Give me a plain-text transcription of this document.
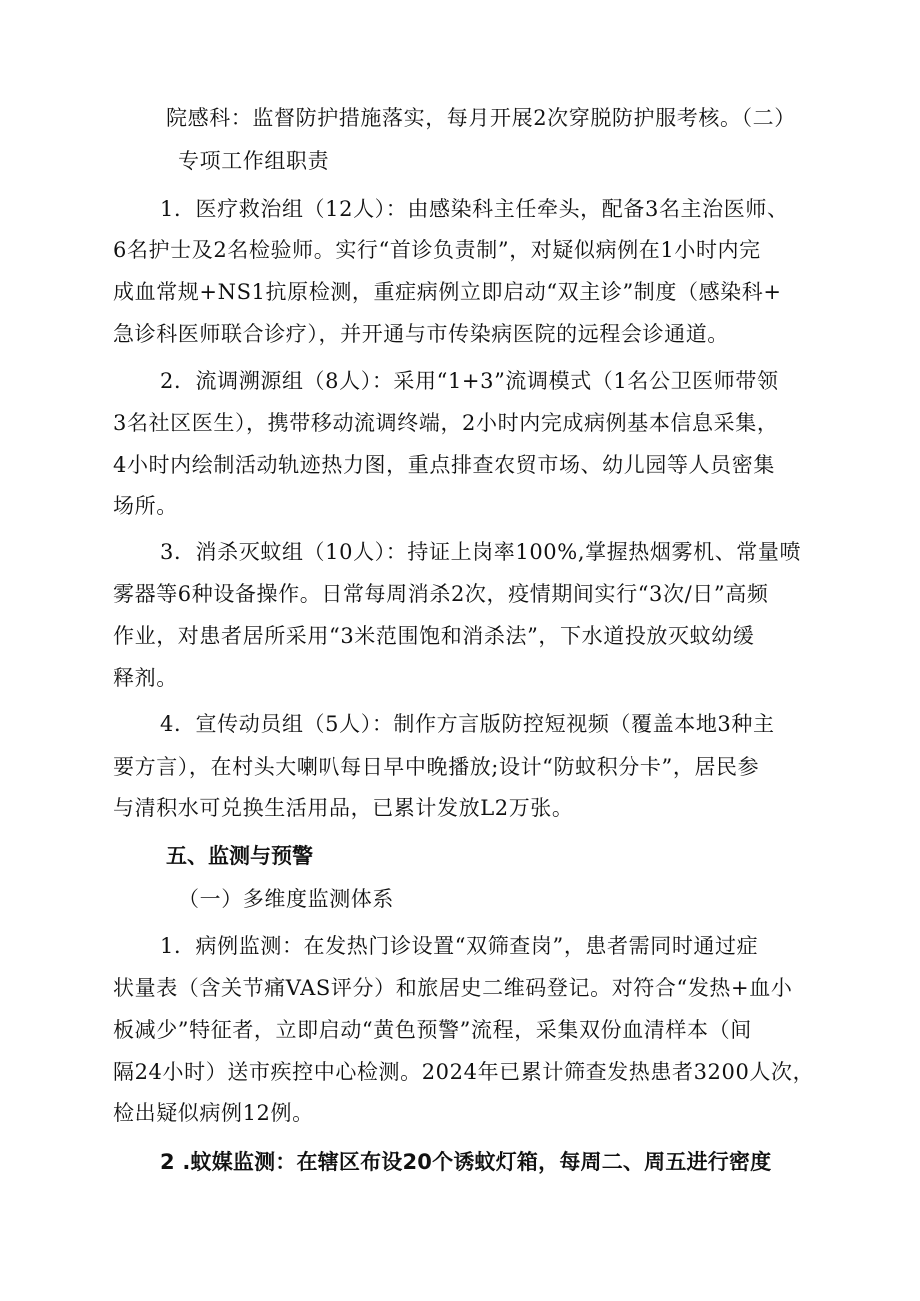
院感科：监督防护措施落实，每月开展2次穿脱防护服考核。（二）
专项工作组职责
1．医疗救治组（12人）：由感染科主任牵头，配备3名主治医师、
6名护士及2名检验师。实行“首诊负责制”，对疑似病例在1小时内完
成血常规+NS1抗原检测，重症病例立即启动“双主诊”制度（感染科+
急诊科医师联合诊疗），并开通与市传染病医院的远程会诊通道。
2．流调溯源组（8人）：采用“1+3”流调模式（1名公卫医师带领
3名社区医生），携带移动流调终端，2小时内完成病例基本信息采集，
4小时内绘制活动轨迹热力图，重点排查农贸市场、幼儿园等人员密集
场所。
3．消杀灭蚊组（10人）：持证上岗率100%,掌握热烟雾机、常量喷
雾器等6种设备操作。日常每周消杀2次，疫情期间实行“3次/日”高频
作业，对患者居所采用“3米范围饱和消杀法”，下水道投放灭蚊幼缓
释剂。
4．宣传动员组（5人）：制作方言版防控短视频（覆盖本地3种主
要方言），在村头大喇叭每日早中晚播放;设计“防蚊积分卡”，居民参
与清积水可兑换生活用品，已累计发放L2万张。
五、监测与预警
（一）多维度监测体系
1．病例监测：在发热门诊设置“双筛查岗”，患者需同时通过症
状量表（含关节痛VAS评分）和旅居史二维码登记。对符合“发热+血小
板减少”特征者，立即启动“黄色预警”流程，采集双份血清样本（间
隔24小时）送市疾控中心检测。2024年已累计筛查发热患者3200人次，
检出疑似病例12例。
2 .蚊媒监测：在辖区布设20个诱蚊灯箱，每周二、周五进行密度
